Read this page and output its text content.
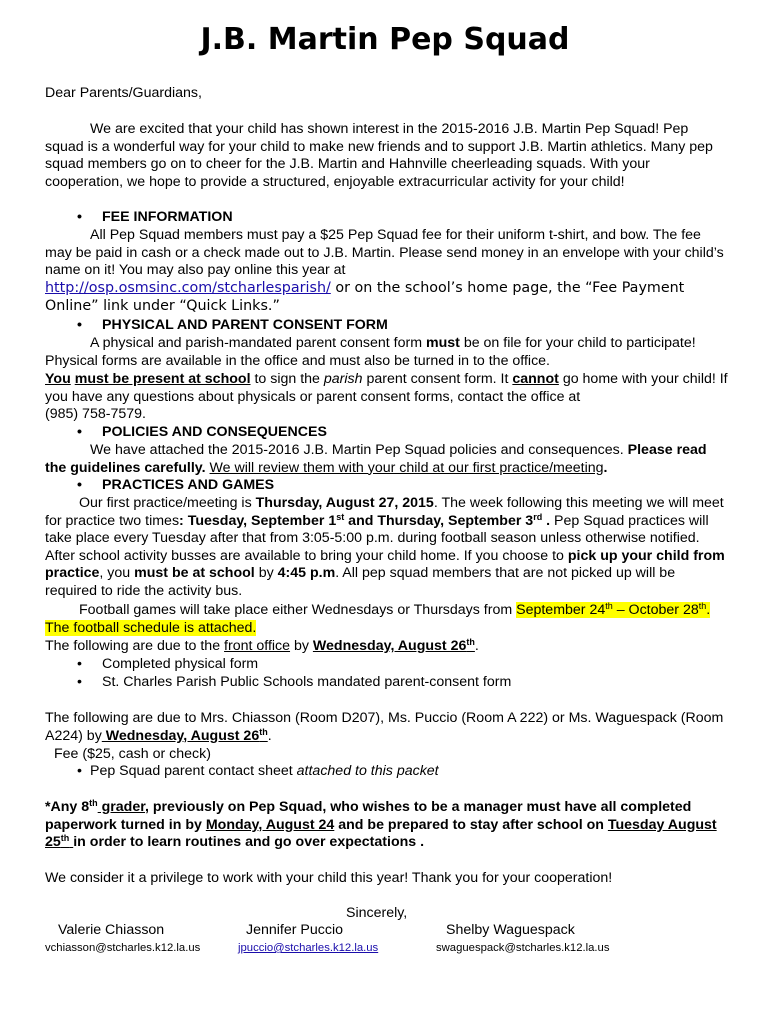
J.B. Martin Pep Squad

Dear Parents/Guardians,

We are excited that your child has shown interest in the 2015-2016 J.B. Martin Pep Squad! Pep squad is a wonderful way for your child to make new friends and to support J.B. Martin athletics. Many pep squad members go on to cheer for the J.B. Martin and Hahnville cheerleading squads. With your cooperation, we hope to provide a structured, enjoyable extracurricular activity for your child!

• FEE INFORMATION

All Pep Squad members must pay a $25 Pep Squad fee for their uniform t-shirt, and bow. The fee may be paid in cash or a check made out to J.B. Martin. Please send money in an envelope with your child’s name on it! You may also pay online this year at

http://osp.osmsinc.com/stcharlesparish/ or on the school’s home page, the “Fee Payment Online” link under “Quick Links.”

• PHYSICAL AND PARENT CONSENT FORM

A physical and parish-mandated parent consent form must be on file for your child to participate! Physical forms are available in the office and must also be turned in to the office.

You must be present at school to sign the parish parent consent form. It cannot go home with your child! If you have any questions about physicals or parent consent forms, contact the office at

(985) 758-7579.

• POLICIES AND CONSEQUENCES

We have attached the 2015-2016 J.B. Martin Pep Squad policies and consequences. Please read the guidelines carefully. We will review them with your child at our first practice/meeting.

• PRACTICES AND GAMES

Our first practice/meeting is Thursday, August 27, 2015. The week following this meeting we will meet for practice two times: Tuesday, September 1st and Thursday, September 3rd . Pep Squad practices will take place every Tuesday after that from 3:05-5:00 p.m. during football season unless otherwise notified. After school activity busses are available to bring your child home. If you choose to pick up your child from practice, you must be at school by 4:45 p.m. All pep squad members that are not picked up will be required to ride the activity bus.

Football games will take place either Wednesdays or Thursdays from September 24th – October 28th. The football schedule is attached.

The following are due to the front office by Wednesday, August 26th.

• Completed physical form
• St. Charles Parish Public Schools mandated parent-consent form

The following are due to Mrs. Chiasson (Room D207), Ms. Puccio (Room A 222) or Ms. Waguespack (Room A224) by Wednesday, August 26th.

Fee ($25, cash or check)

• Pep Squad parent contact sheet attached to this packet

*Any 8th grader, previously on Pep Squad, who wishes to be a manager must have all completed paperwork turned in by Monday, August 24 and be prepared to stay after school on Tuesday August 25th in order to learn routines and go over expectations .

We consider it a privilege to work with your child this year! Thank you for your cooperation!

Sincerely,

Valerie Chiasson	Jennifer Puccio	Shelby Waguespack
vchiasson@stcharles.k12.la.us	jpuccio@stcharles.k12.la.us	swaguespack@stcharles.k12.la.us
